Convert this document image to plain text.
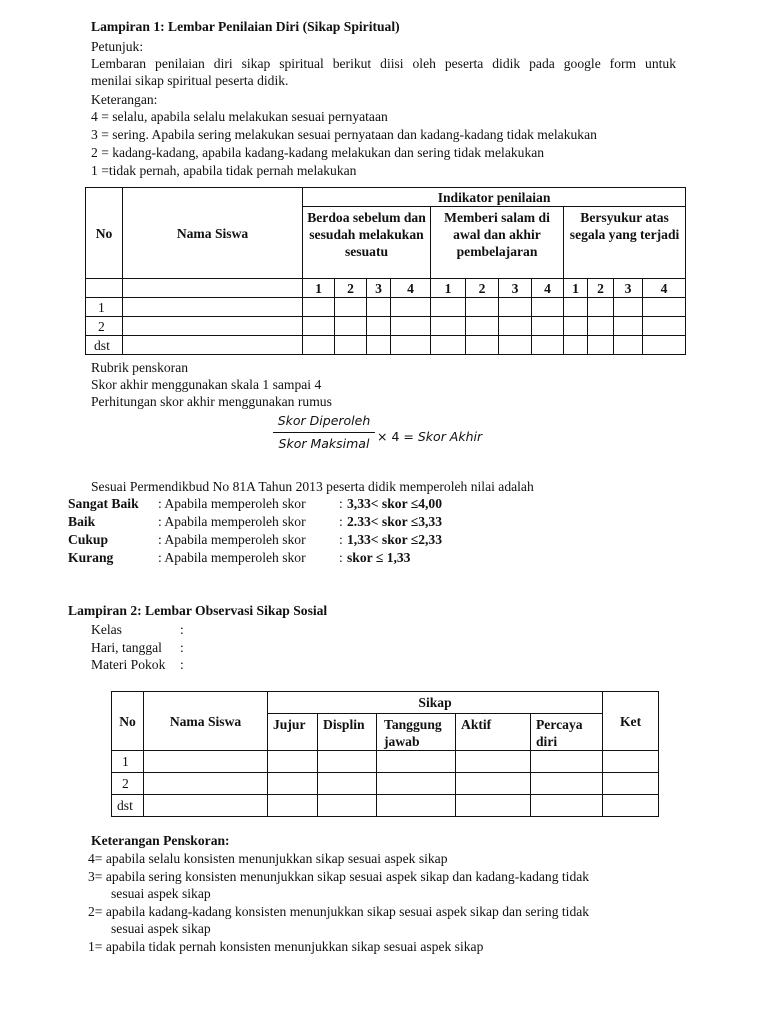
Lampiran 1: Lembar Penilaian Diri (Sikap Spiritual)
Petunjuk:
Lembaran penilaian diri sikap spiritual berikut diisi oleh peserta didik pada google form untuk
menilai sikap spiritual peserta didik.
Keterangan:
4 = selalu, apabila selalu melakukan sesuai pernyataan
3 = sering. Apabila sering melakukan sesuai pernyataan dan kadang-kadang tidak melakukan
2 = kadang-kadang, apabila kadang-kadang melakukan dan sering tidak melakukan
1 =tidak pernah, apabila tidak pernah melakukan
No	Nama Siswa	Indikator penilaian											
		Berdoa sebelum dan sesudah melakukan sesuatu				Memberi salam di awal dan akhir pembelajaran				Bersyukur atas segala yang terjadi			
		1	2	3	4	1	2	3	4	1	2	3	4
1													
2													
dst													
Rubrik penskoran
Skor akhir menggunakan skala 1 sampai 4
Perhitungan skor akhir menggunakan rumus
Skor Diperoleh
Skor Maksimal × 4 = Skor Akhir
Sesuai Permendikbud No 81A Tahun 2013 peserta didik memperoleh nilai adalah
Sangat Baik	: Apabila memperoleh skor : 3,33< skor ≤4,00
Baik	: Apabila memperoleh skor : 2.33< skor ≤3,33
Cukup	: Apabila memperoleh skor : 1,33< skor ≤2,33
Kurang	: Apabila memperoleh skor : skor ≤ 1,33
Lampiran 2: Lembar Observasi Sikap Sosial
Kelas	:
Hari, tanggal :
Materi Pokok :
No	Nama Siswa	Sikap					Ket
		Jujur	Displin	Tanggung jawab	Aktif	Percaya diri	
1							
2							
dst							
Keterangan Penskoran:
4= apabila selalu konsisten menunjukkan sikap sesuai aspek sikap
3= apabila sering konsisten menunjukkan sikap sesuai aspek sikap dan kadang-kadang tidak
sesuai aspek sikap
2= apabila kadang-kadang konsisten menunjukkan sikap sesuai aspek sikap dan sering tidak
sesuai aspek sikap
1= apabila tidak pernah konsisten menunjukkan sikap sesuai aspek sikap
